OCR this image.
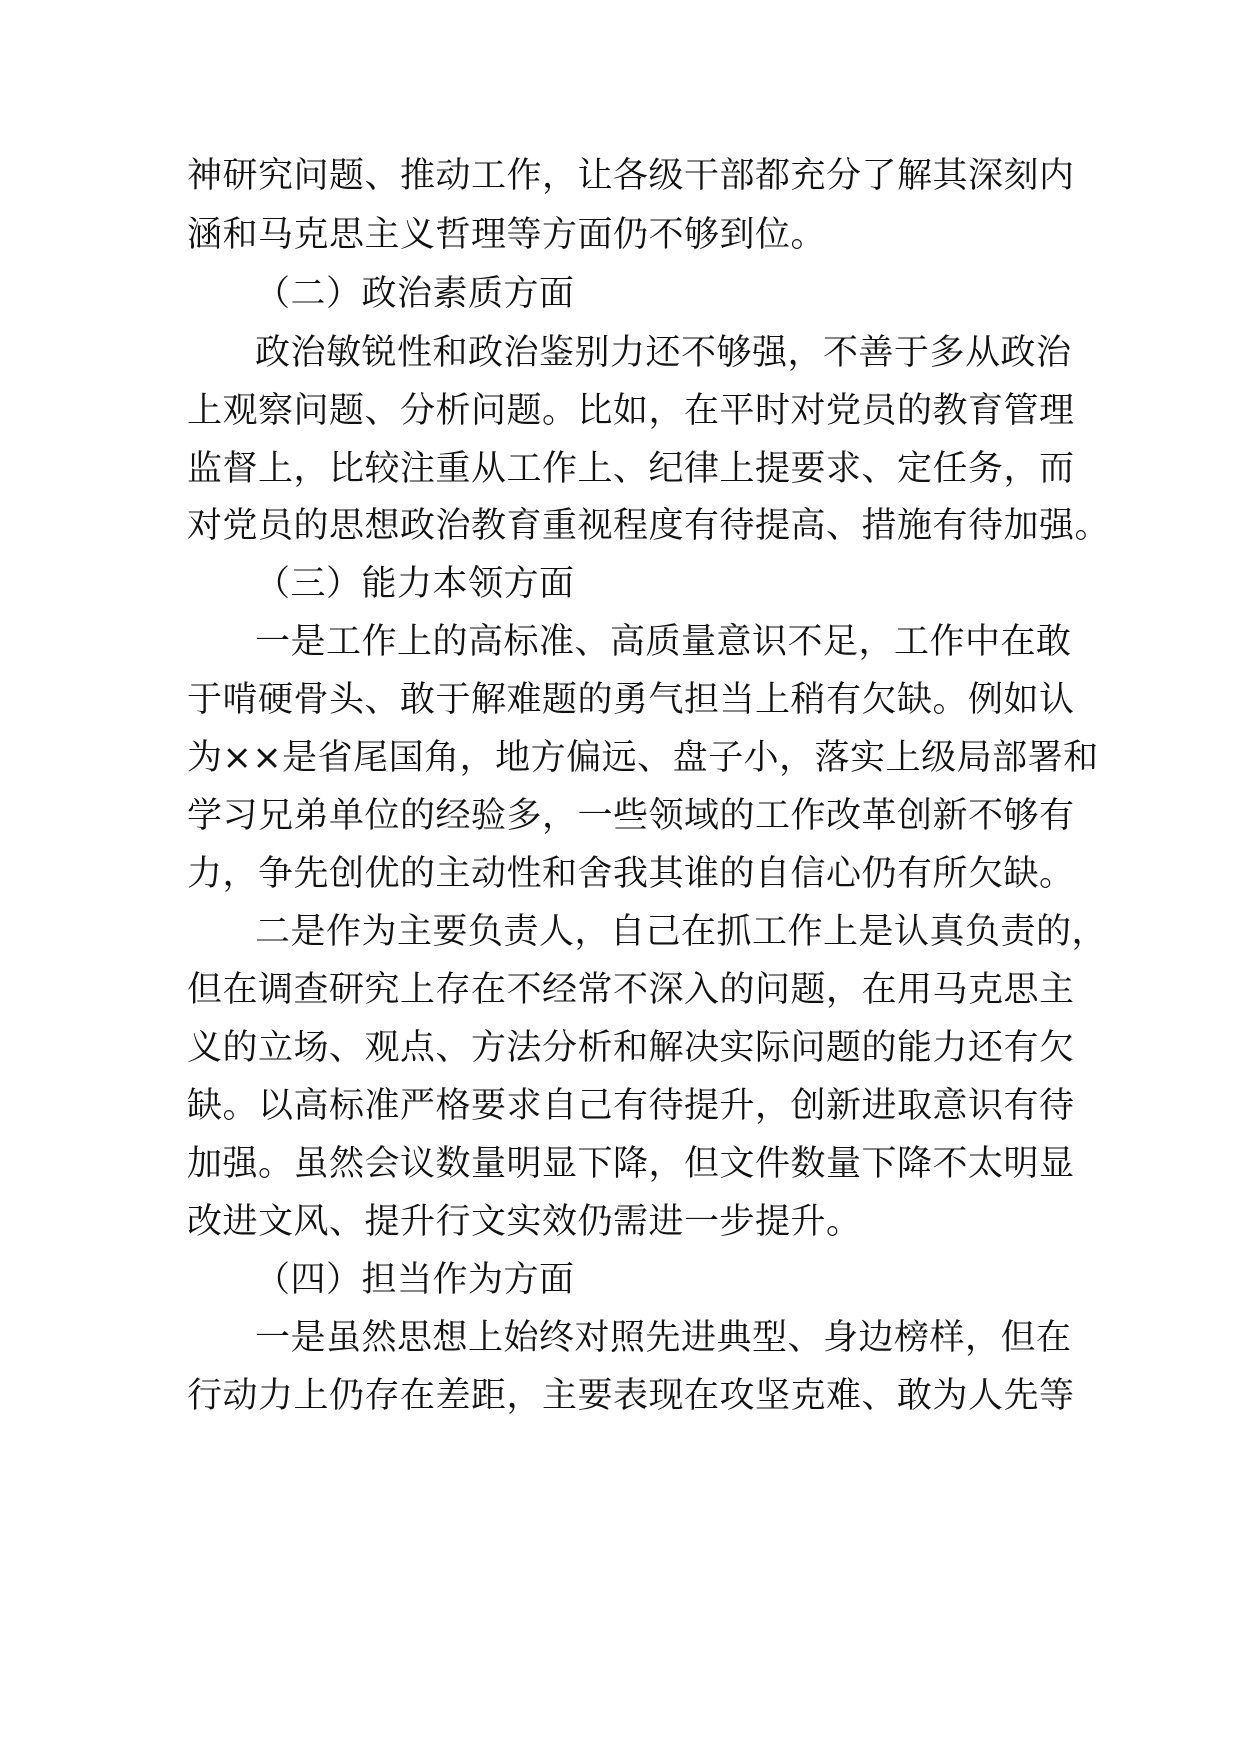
神研究问题、推动工作，让各级干部都充分了解其深刻内
涵和马克思主义哲理等方面仍不够到位。
（二）政治素质方面
政治敏锐性和政治鉴别力还不够强，不善于多从政治
上观察问题、分析问题。比如，在平时对党员的教育管理
监督上，比较注重从工作上、纪律上提要求、定任务，而
对党员的思想政治教育重视程度有待提高、措施有待加强。
（三）能力本领方面
一是工作上的高标准、高质量意识不足，工作中在敢
于啃硬骨头、敢于解难题的勇气担当上稍有欠缺。例如认
为××是省尾国角，地方偏远、盘子小，落实上级局部署和
学习兄弟单位的经验多，一些领域的工作改革创新不够有
力，争先创优的主动性和舍我其谁的自信心仍有所欠缺。
二是作为主要负责人，自己在抓工作上是认真负责的，
但在调查研究上存在不经常不深入的问题，在用马克思主
义的立场、观点、方法分析和解决实际问题的能力还有欠
缺。以高标准严格要求自己有待提升，创新进取意识有待
加强。虽然会议数量明显下降，但文件数量下降不太明显
改进文风、提升行文实效仍需进一步提升。
（四）担当作为方面
一是虽然思想上始终对照先进典型、身边榜样，但在
行动力上仍存在差距，主要表现在攻坚克难、敢为人先等
